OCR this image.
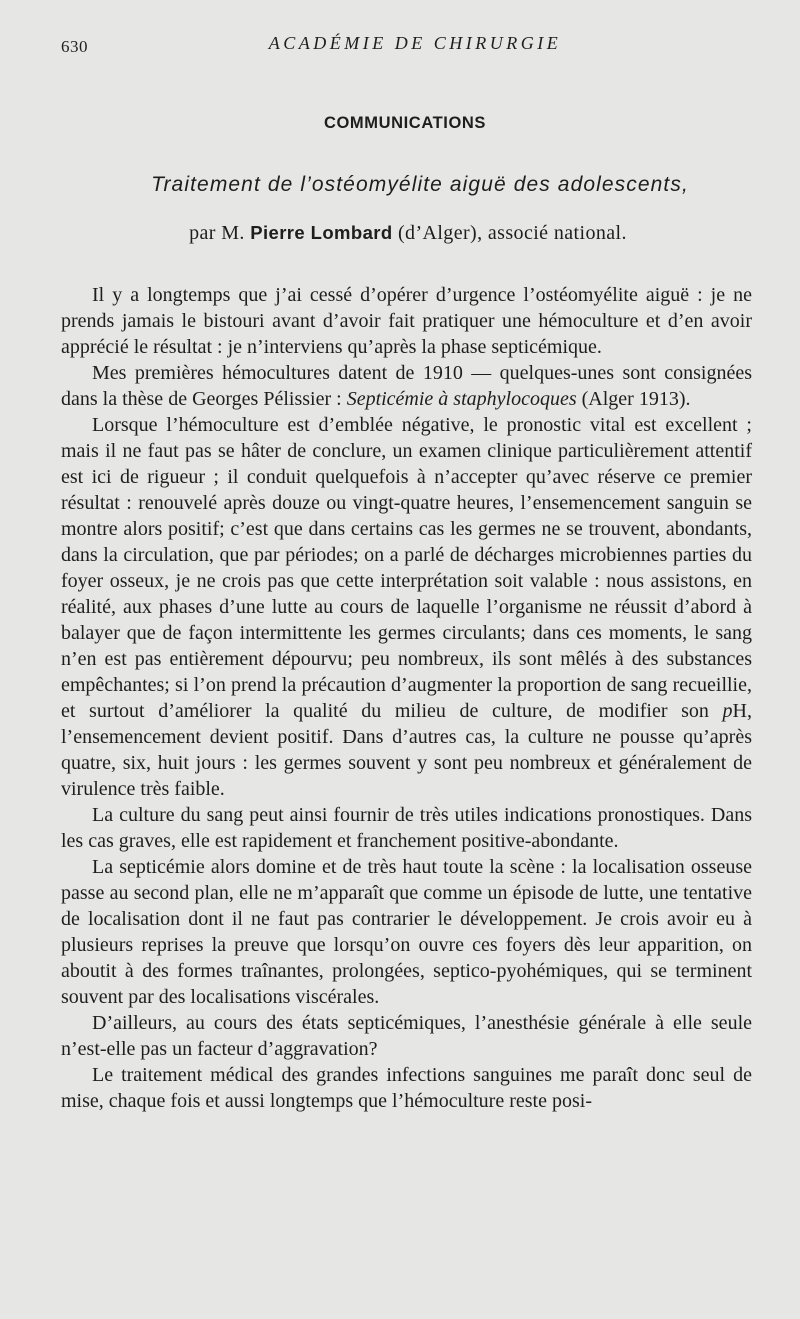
630	ACADÉMIE DE CHIRURGIE
COMMUNICATIONS
Traitement de l’ostéomyélite aiguë des adolescents,
par M. Pierre Lombard (d’Alger), associé national.

Il y a longtemps que j’ai cessé d’opérer d’urgence l’ostéomyélite aiguë : je ne prends jamais le bistouri avant d’avoir fait pratiquer une hémoculture et d’en avoir apprécié le résultat : je n’interviens qu’après la phase septicémique.

Mes premières hémocultures datent de 1910 — quelques-unes sont consignées dans la thèse de Georges Pélissier : Septicémie à staphylocoques (Alger 1913).

Lorsque l’hémoculture est d’emblée négative, le pronostic vital est excellent ; mais il ne faut pas se hâter de conclure, un examen clinique particulièrement attentif est ici de rigueur ; il conduit quelquefois à n’accepter qu’avec réserve ce premier résultat : renouvelé après douze ou vingt-quatre heures, l’ensemencement sanguin se montre alors positif; c’est que dans certains cas les germes ne se trouvent, abondants, dans la circulation, que par périodes; on a parlé de décharges microbiennes parties du foyer osseux, je ne crois pas que cette interprétation soit valable : nous assistons, en réalité, aux phases d’une lutte au cours de laquelle l’organisme ne réussit d’abord à balayer que de façon intermittente les germes circulants; dans ces moments, le sang n’en est pas entièrement dépourvu; peu nombreux, ils sont mêlés à des substances empêchantes; si l’on prend la précaution d’augmenter la proportion de sang recueillie, et surtout d’améliorer la qualité du milieu de culture, de modifier son pH, l’ensemencement devient positif. Dans d’autres cas, la culture ne pousse qu’après quatre, six, huit jours : les germes souvent y sont peu nombreux et généralement de virulence très faible.

La culture du sang peut ainsi fournir de très utiles indications pronostiques. Dans les cas graves, elle est rapidement et franchement positive-abondante.

La septicémie alors domine et de très haut toute la scène : la localisation osseuse passe au second plan, elle ne m’apparaît que comme un épisode de lutte, une tentative de localisation dont il ne faut pas contrarier le développement. Je crois avoir eu à plusieurs reprises la preuve que lorsqu’on ouvre ces foyers dès leur apparition, on aboutit à des formes traînantes, prolongées, septico-pyohémiques, qui se terminent souvent par des localisations viscérales.

D’ailleurs, au cours des états septicémiques, l’anesthésie générale à elle seule n’est-elle pas un facteur d’aggravation?

Le traitement médical des grandes infections sanguines me paraît donc seul de mise, chaque fois et aussi longtemps que l’hémoculture reste posi-
